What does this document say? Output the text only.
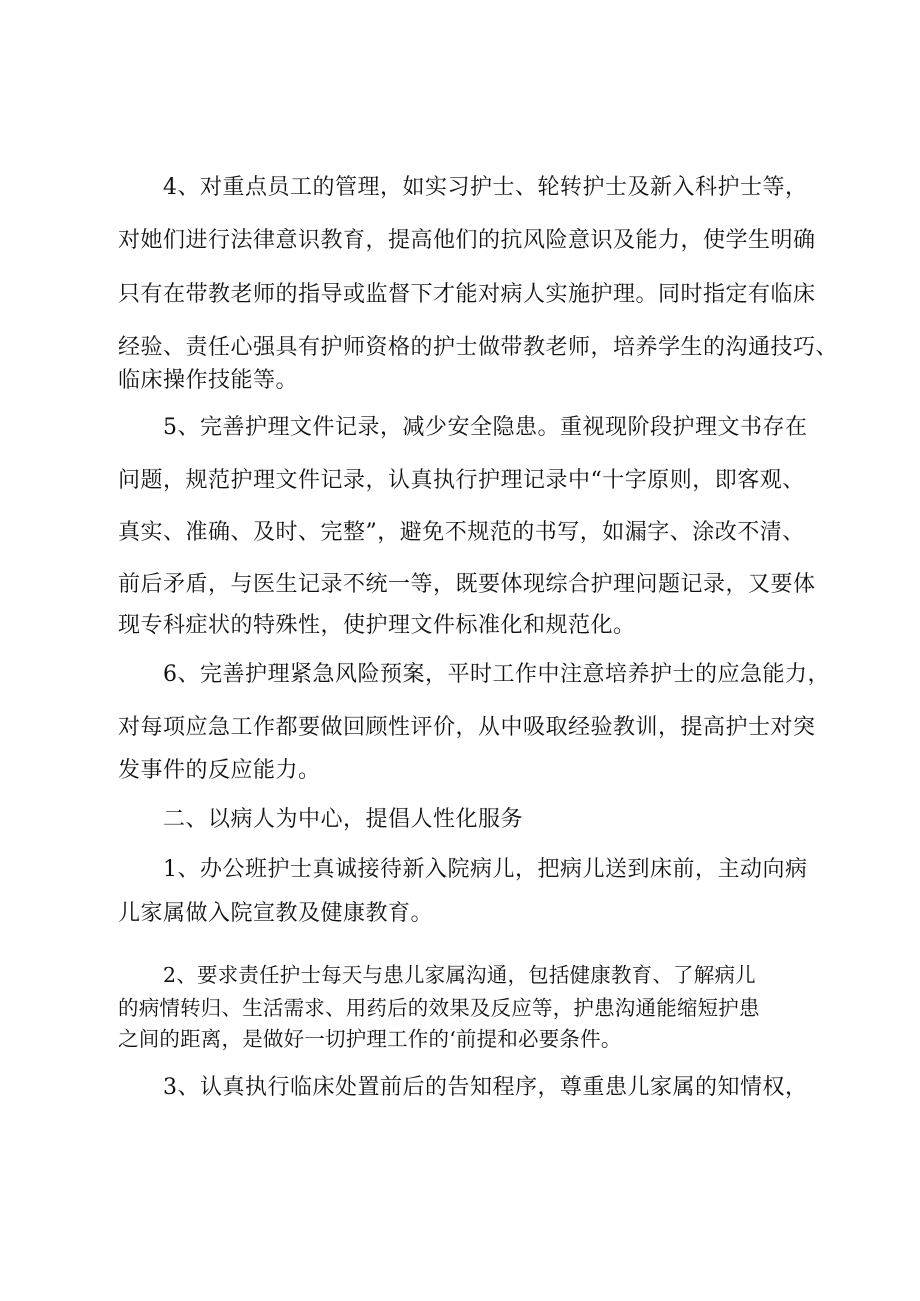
4、对重点员工的管理，如实习护士、轮转护士及新入科护士等，
对她们进行法律意识教育，提高他们的抗风险意识及能力，使学生明确
只有在带教老师的指导或监督下才能对病人实施护理。同时指定有临床
经验、责任心强具有护师资格的护士做带教老师，培养学生的沟通技巧、
临床操作技能等。
5、完善护理文件记录，减少安全隐患。重视现阶段护理文书存在
问题，规范护理文件记录，认真执行护理记录中“十字原则，即客观、
真实、准确、及时、完整”，避免不规范的书写，如漏字、涂改不清、
前后矛盾，与医生记录不统一等，既要体现综合护理问题记录，又要体
现专科症状的特殊性，使护理文件标准化和规范化。
6、完善护理紧急风险预案，平时工作中注意培养护士的应急能力，
对每项应急工作都要做回顾性评价，从中吸取经验教训，提高护士对突
发事件的反应能力。
二、以病人为中心，提倡人性化服务
1、办公班护士真诚接待新入院病儿，把病儿送到床前，主动向病
儿家属做入院宣教及健康教育。
2、要求责任护士每天与患儿家属沟通，包括健康教育、了解病儿
的病情转归、生活需求、用药后的效果及反应等，护患沟通能缩短护患
之间的距离，是做好一切护理工作的‘前提和必要条件。
3、认真执行临床处置前后的告知程序，尊重患儿家属的知情权，
